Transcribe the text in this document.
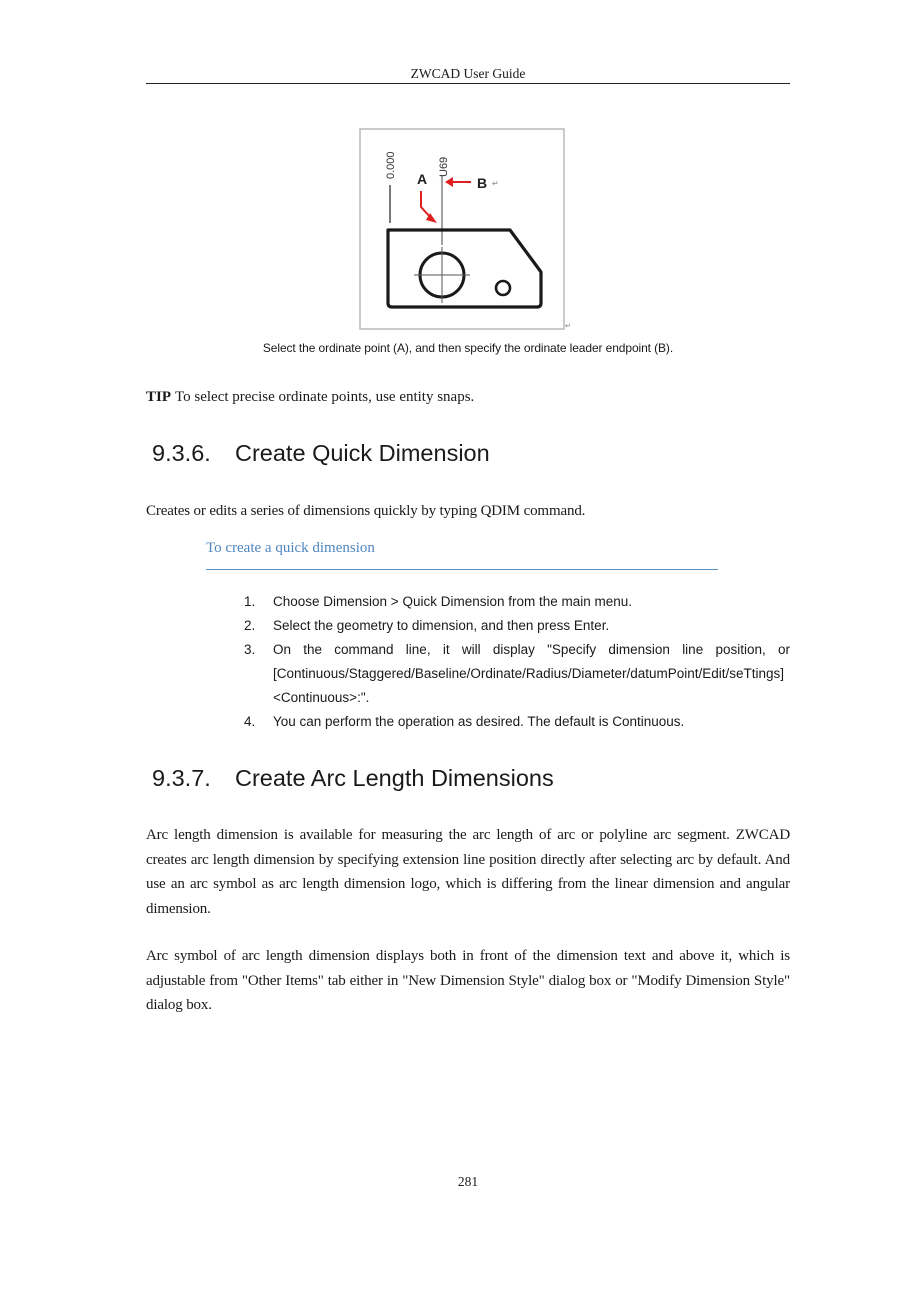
ZWCAD User Guide
0.000	U69
A	B ↵
↵
Select the ordinate point (A), and then specify the ordinate leader endpoint (B).
TIP To select precise ordinate points, use entity snaps.
9.3.6. Create Quick Dimension

Creates or edits a series of dimensions quickly by typing QDIM command.

To create a quick dimension
1.	Choose Dimension > Quick Dimension from the main menu.
2.	Select the geometry to dimension, and then press Enter.
3.	On the command line, it will display "Specify dimension line position, or [Continuous/Staggered/Baseline/Ordinate/Radius/Diameter/datumPoint/Edit/seTtings] <Continuous>:".
4.	You can perform the operation as desired. The default is Continuous.
9.3.7. Create Arc Length Dimensions

Arc length dimension is available for measuring the arc length of arc or polyline arc segment. ZWCAD creates arc length dimension by specifying extension line position directly after selecting arc by default. And use an arc symbol as arc length dimension logo, which is differing from the linear dimension and angular dimension.

Arc symbol of arc length dimension displays both in front of the dimension text and above it, which is adjustable from "Other Items" tab either in "New Dimension Style" dialog box or "Modify Dimension Style" dialog box.

281
